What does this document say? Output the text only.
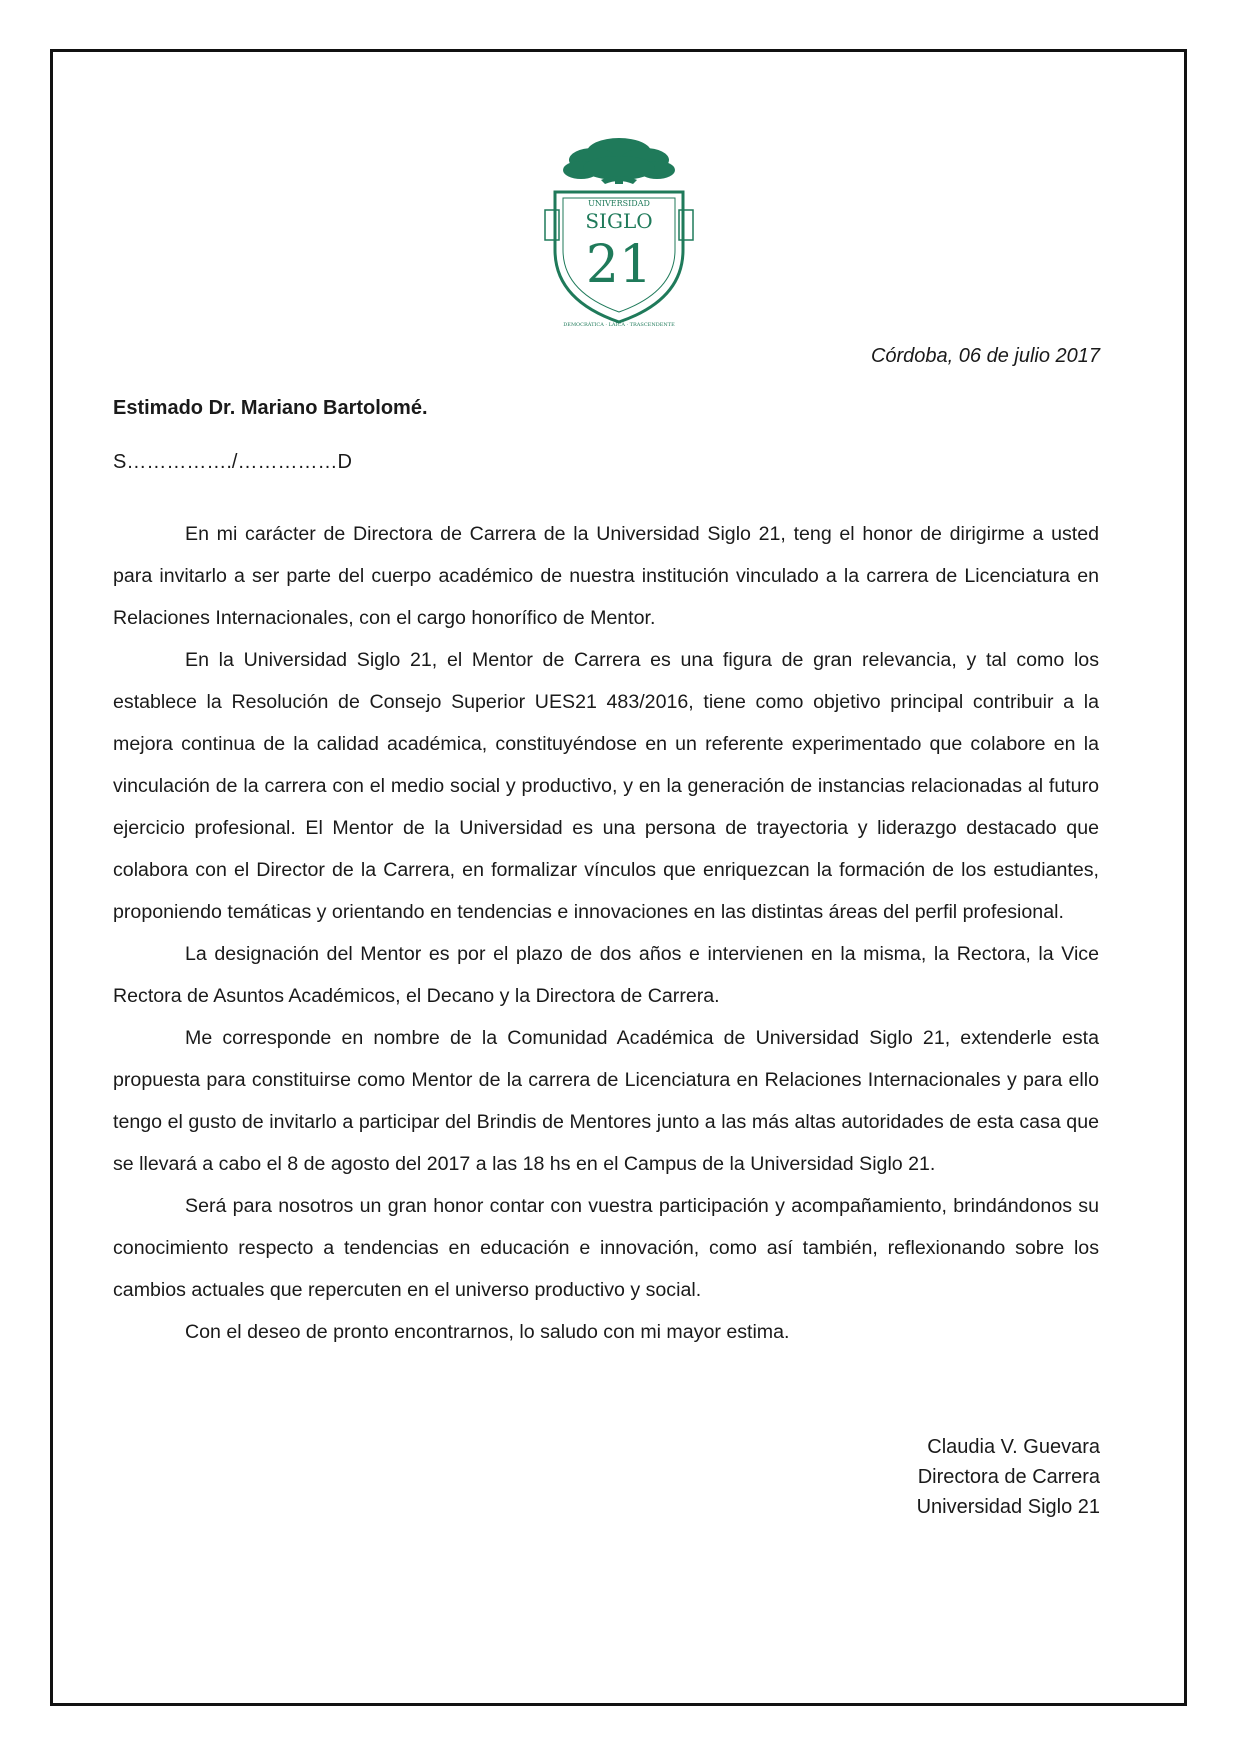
UNIVERSIDAD
SIGLO
21
DEMOCRÁTICA · LAICA · TRASCENDENTE
Córdoba, 06 de julio 2017
Estimado Dr. Mariano Bartolomé.
S……………./……………D

En mi carácter de Directora de Carrera de la Universidad Siglo 21, teng el honor de dirigirme a usted para invitarlo a ser parte del cuerpo académico de nuestra institución vinculado a la carrera de Licenciatura en Relaciones Internacionales, con el cargo honorífico de Mentor.

En la Universidad Siglo 21, el Mentor de Carrera es una figura de gran relevancia, y tal como los establece la Resolución de Consejo Superior UES21 483/2016, tiene como objetivo principal contribuir a la mejora continua de la calidad académica, constituyéndose en un referente experimentado que colabore en la vinculación de la carrera con el medio social y productivo, y en la generación de instancias relacionadas al futuro ejercicio profesional. El Mentor de la Universidad es una persona de trayectoria y liderazgo destacado que colabora con el Director de la Carrera, en formalizar vínculos que enriquezcan la formación de los estudiantes, proponiendo temáticas y orientando en tendencias e innovaciones en las distintas áreas del perfil profesional.

La designación del Mentor es por el plazo de dos años e intervienen en la misma, la Rectora, la Vice Rectora de Asuntos Académicos, el Decano y la Directora de Carrera.

Me corresponde en nombre de la Comunidad Académica de Universidad Siglo 21, extenderle esta propuesta para constituirse como Mentor de la carrera de Licenciatura en Relaciones Internacionales y para ello tengo el gusto de invitarlo a participar del Brindis de Mentores junto a las más altas autoridades de esta casa que se llevará a cabo el 8 de agosto del 2017 a las 18 hs en el Campus de la Universidad Siglo 21.

Será para nosotros un gran honor contar con vuestra participación y acompañamiento, brindándonos su conocimiento respecto a tendencias en educación e innovación, como así también, reflexionando sobre los cambios actuales que repercuten en el universo productivo y social.

Con el deseo de pronto encontrarnos, lo saludo con mi mayor estima.

Claudia V. Guevara
Directora de Carrera
Universidad Siglo 21
